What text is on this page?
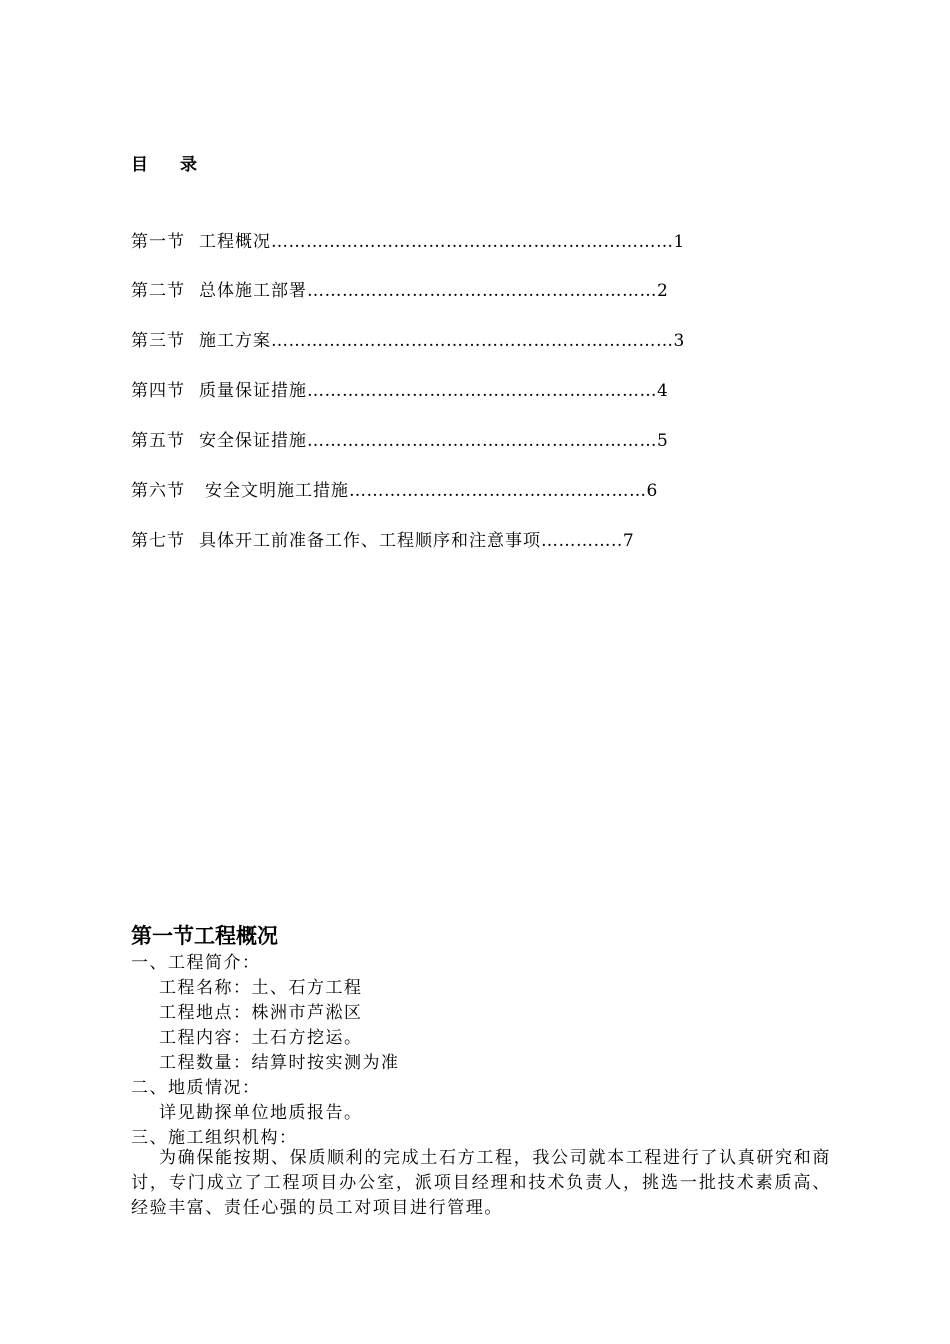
目 录
第一节 工程概况……………………………………………………………1
第二节 总体施工部署……………………………………………………2
第三节 施工方案……………………………………………………………3
第四节 质量保证措施……………………………………………………4
第五节 安全保证措施……………………………………………………5
第六节 安全文明施工措施……………………………………………6
第七节 具体开工前准备工作、工程顺序和注意事项…………..7
第一节工程概况
一、工程简介：
工程名称：土、石方工程
工程地点：株洲市芦淞区
工程内容：土石方挖运。
工程数量：结算时按实测为准
二、地质情况：
详见勘探单位地质报告。
三、施工组织机构：
为确保能按期、保质顺利的完成土石方工程，我公司就本工程进行了认真研究和商讨，专门成立了工程项目办公室，派项目经理和技术负责人，挑选一批技术素质高、经验丰富、责任心强的员工对项目进行管理。
